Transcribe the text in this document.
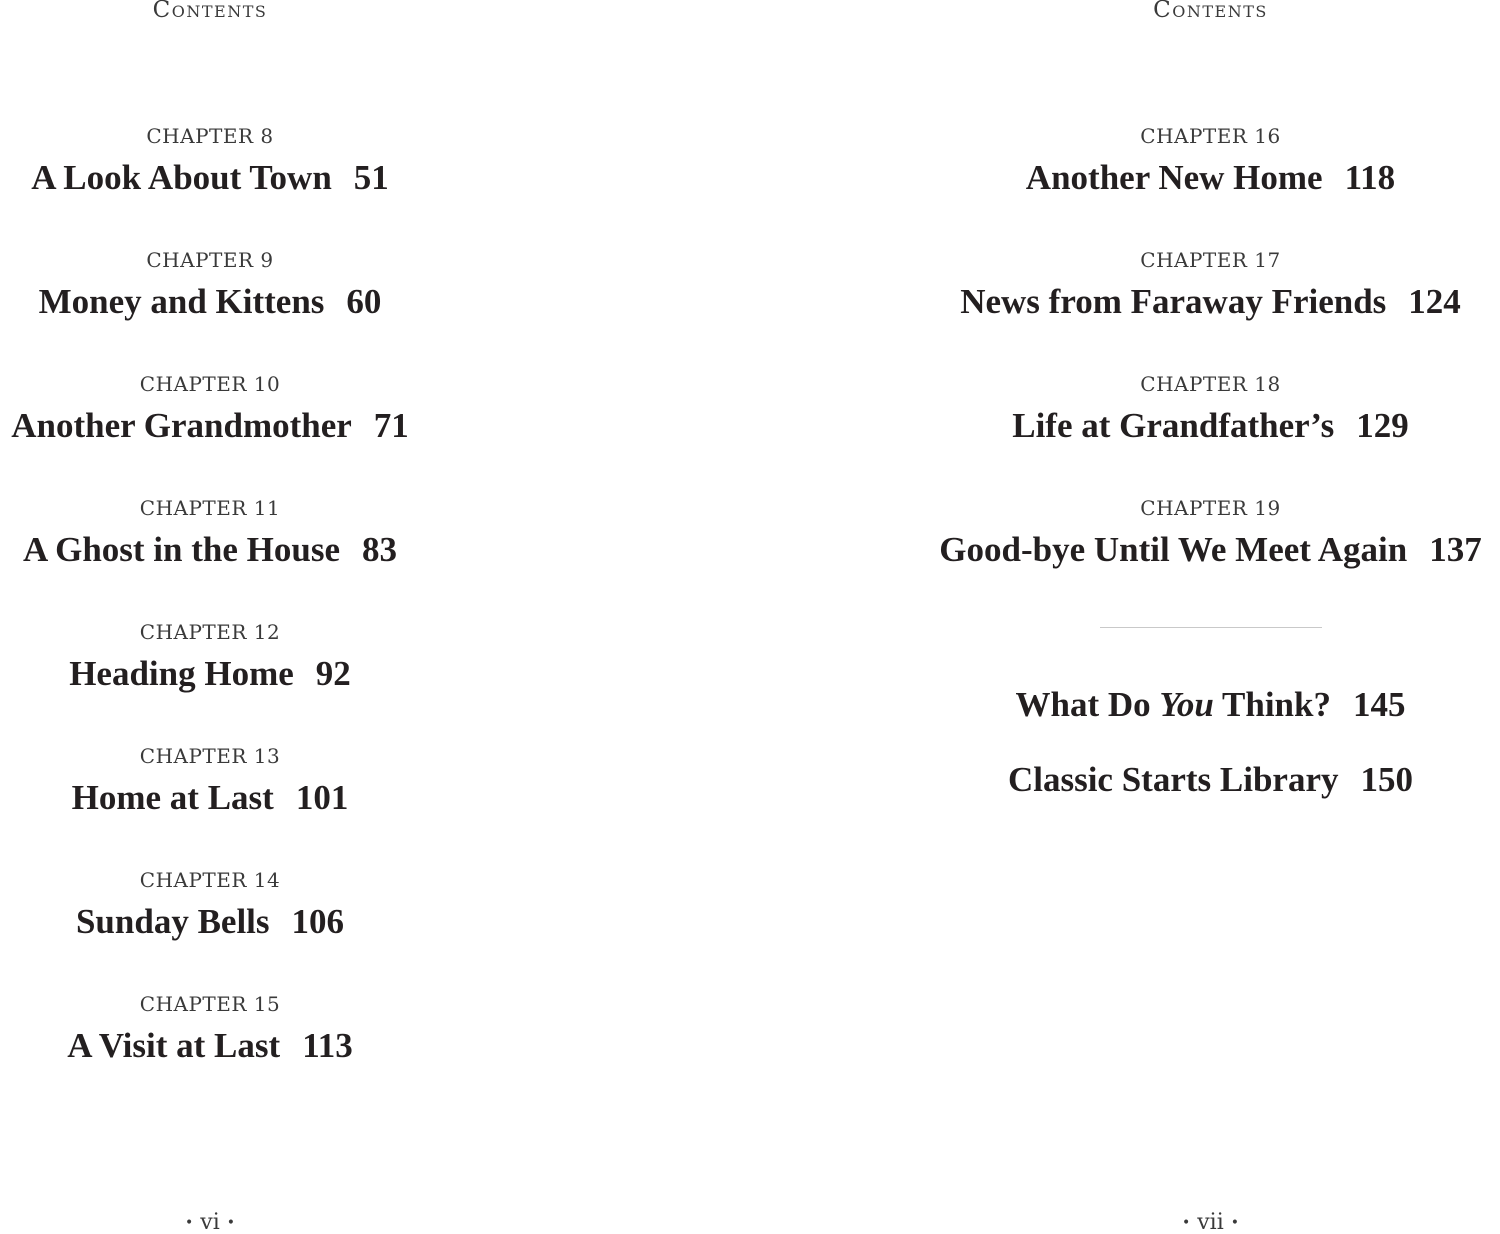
Contents
CHAPTER 8
A Look About Town 51
CHAPTER 9
Money and Kittens 60
CHAPTER 10
Another Grandmother 71
CHAPTER 11
A Ghost in the House 83
CHAPTER 12
Heading Home 92
CHAPTER 13
Home at Last 101
CHAPTER 14
Sunday Bells 106
CHAPTER 15
A Visit at Last 113
• vi •
Contents
CHAPTER 16
Another New Home 118
CHAPTER 17
News from Faraway Friends 124
CHAPTER 18
Life at Grandfather’s 129
CHAPTER 19
Good-bye Until We Meet Again 137
What Do You Think? 145
Classic Starts Library 150
• vii •
